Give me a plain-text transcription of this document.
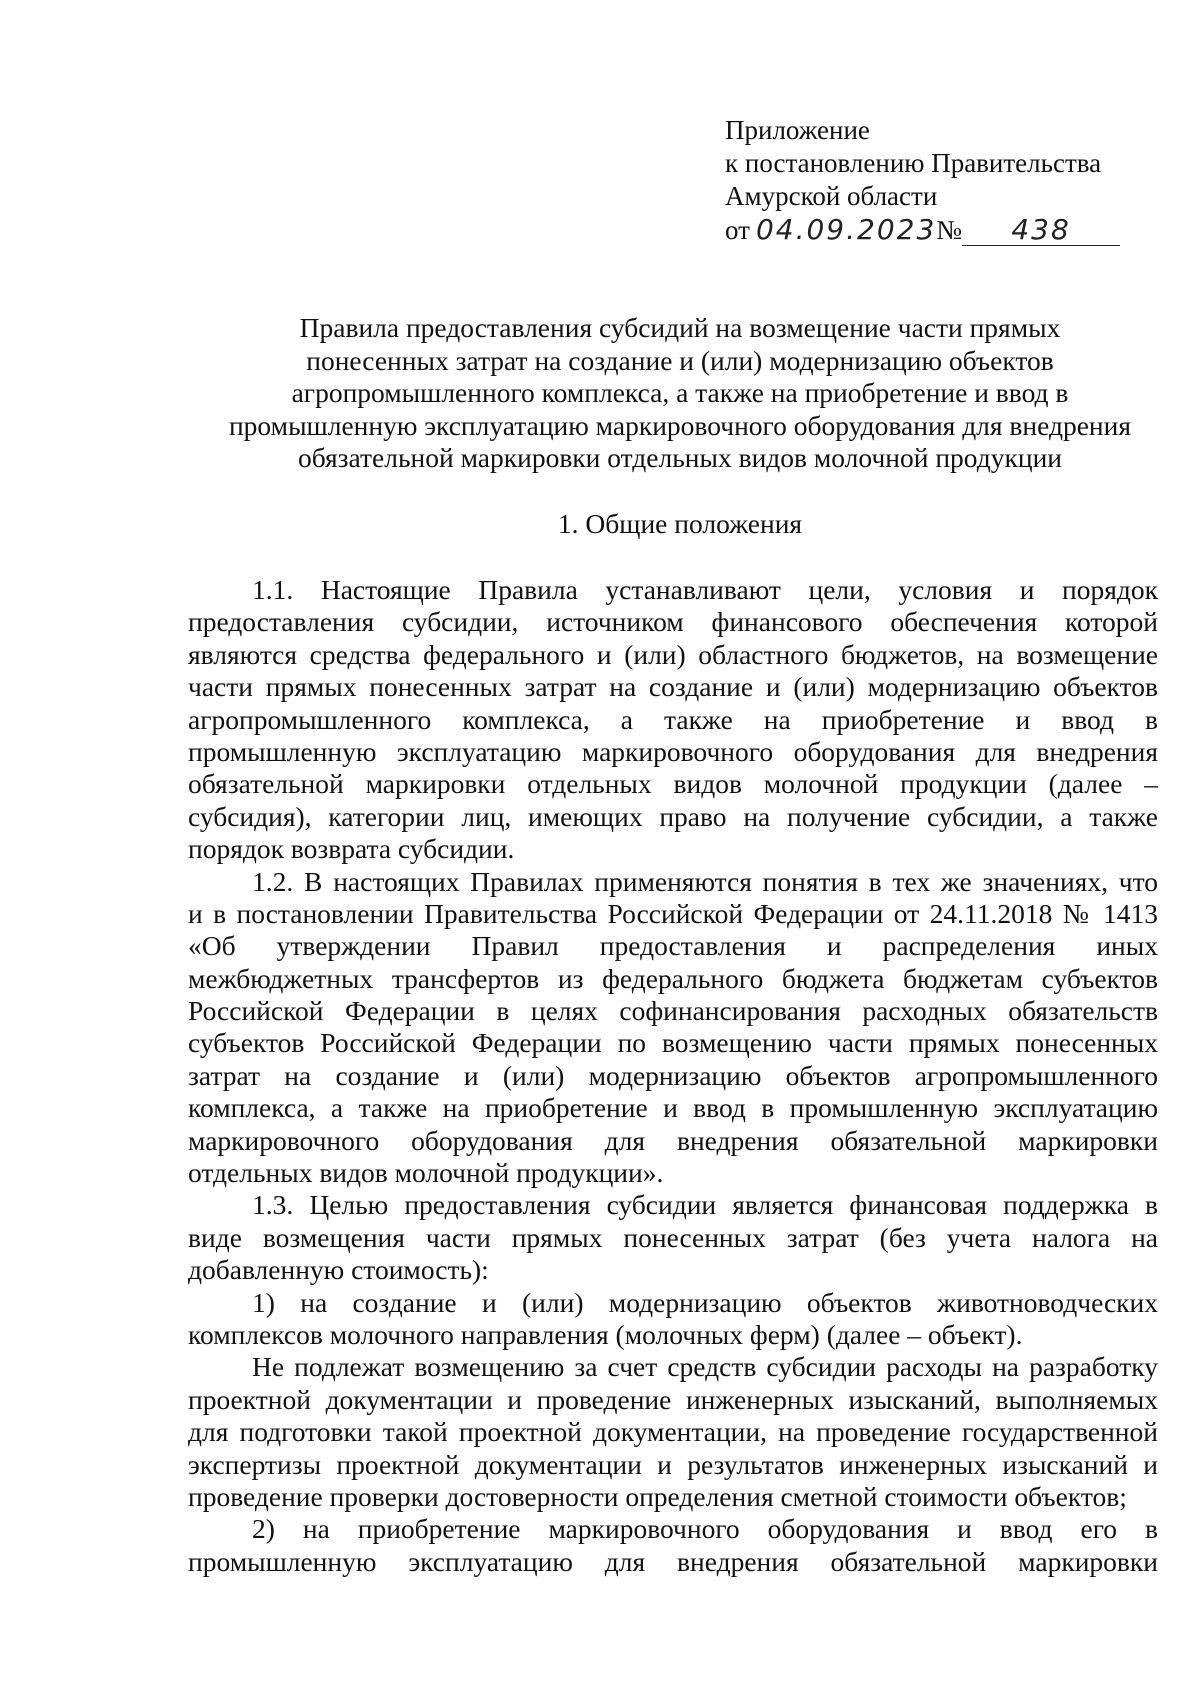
Приложение
к постановлению Правительства
Амурской области
от 04.09.2023№ 438
Правила предоставления субсидий на возмещение части прямых
понесенных затрат на создание и (или) модернизацию объектов
агропромышленного комплекса, а также на приобретение и ввод в
промышленную эксплуатацию маркировочного оборудования для внедрения
обязательной маркировки отдельных видов молочной продукции
1. Общие положения
1.1. Настоящие Правила устанавливают цели, условия и порядок
предоставления субсидии, источником финансового обеспечения которой
являются средства федерального и (или) областного бюджетов, на возмещение
части прямых понесенных затрат на создание и (или) модернизацию объектов
агропромышленного комплекса, а также на приобретение и ввод в
промышленную эксплуатацию маркировочного оборудования для внедрения
обязательной маркировки отдельных видов молочной продукции (далее –
субсидия), категории лиц, имеющих право на получение субсидии, а также
порядок возврата субсидии.
1.2. В настоящих Правилах применяются понятия в тех же значениях, что
и в постановлении Правительства Российской Федерации от 24.11.2018 № 1413
«Об утверждении Правил предоставления и распределения иных
межбюджетных трансфертов из федерального бюджета бюджетам субъектов
Российской Федерации в целях софинансирования расходных обязательств
субъектов Российской Федерации по возмещению части прямых понесенных
затрат на создание и (или) модернизацию объектов агропромышленного
комплекса, а также на приобретение и ввод в промышленную эксплуатацию
маркировочного оборудования для внедрения обязательной маркировки
отдельных видов молочной продукции».
1.3. Целью предоставления субсидии является финансовая поддержка в
виде возмещения части прямых понесенных затрат (без учета налога на
добавленную стоимость):
1) на создание и (или) модернизацию объектов животноводческих
комплексов молочного направления (молочных ферм) (далее – объект).
Не подлежат возмещению за счет средств субсидии расходы на разработку
проектной документации и проведение инженерных изысканий, выполняемых
для подготовки такой проектной документации, на проведение государственной
экспертизы проектной документации и результатов инженерных изысканий и
проведение проверки достоверности определения сметной стоимости объектов;
2) на приобретение маркировочного оборудования и ввод его в
промышленную эксплуатацию для внедрения обязательной маркировки
